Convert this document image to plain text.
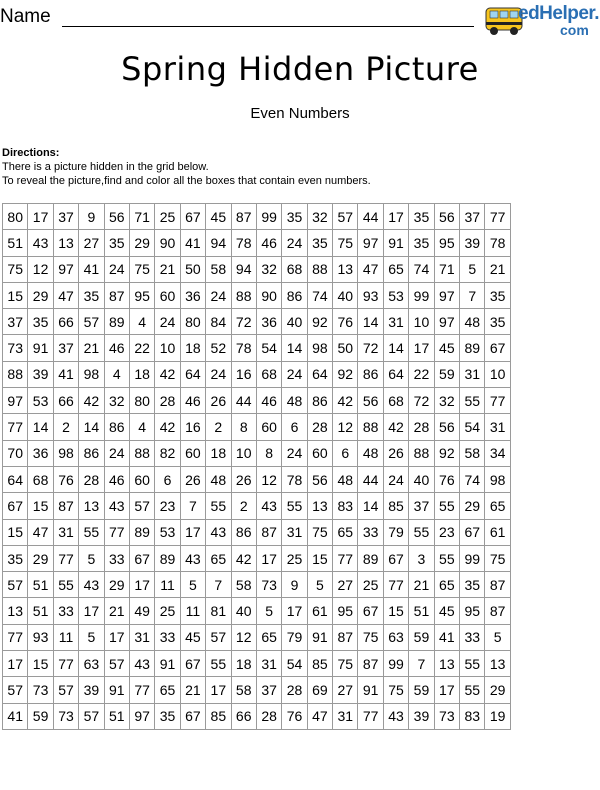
Name	edHelper.
com
Spring Hidden Picture
Even Numbers
Directions:
There is a picture hidden in the grid below.
To reveal the picture,find and color all the boxes that contain even numbers.
80	17	37	9	56	71	25	67	45	87	99	35	32	57	44	17	35	56	37	77
51	43	13	27	35	29	90	41	94	78	46	24	35	75	97	91	35	95	39	78
75	12	97	41	24	75	21	50	58	94	32	68	88	13	47	65	74	71	5	21
15	29	47	35	87	95	60	36	24	88	90	86	74	40	93	53	99	97	7	35
37	35	66	57	89	4	24	80	84	72	36	40	92	76	14	31	10	97	48	35
73	91	37	21	46	22	10	18	52	78	54	14	98	50	72	14	17	45	89	67
88	39	41	98	4	18	42	64	24	16	68	24	64	92	86	64	22	59	31	10
97	53	66	42	32	80	28	46	26	44	46	48	86	42	56	68	72	32	55	77
77	14	2	14	86	4	42	16	2	8	60	6	28	12	88	42	28	56	54	31
70	36	98	86	24	88	82	60	18	10	8	24	60	6	48	26	88	92	58	34
64	68	76	28	46	60	6	26	48	26	12	78	56	48	44	24	40	76	74	98
67	15	87	13	43	57	23	7	55	2	43	55	13	83	14	85	37	55	29	65
15	47	31	55	77	89	53	17	43	86	87	31	75	65	33	79	55	23	67	61
35	29	77	5	33	67	89	43	65	42	17	25	15	77	89	67	3	55	99	75
57	51	55	43	29	17	11	5	7	58	73	9	5	27	25	77	21	65	35	87
13	51	33	17	21	49	25	11	81	40	5	17	61	95	67	15	51	45	95	87
77	93	11	5	17	31	33	45	57	12	65	79	91	87	75	63	59	41	33	5
17	15	77	63	57	43	91	67	55	18	31	54	85	75	87	99	7	13	55	13
57	73	57	39	91	77	65	21	17	58	37	28	69	27	91	75	59	17	55	29
41	59	73	57	51	97	35	67	85	66	28	76	47	31	77	43	39	73	83	19
